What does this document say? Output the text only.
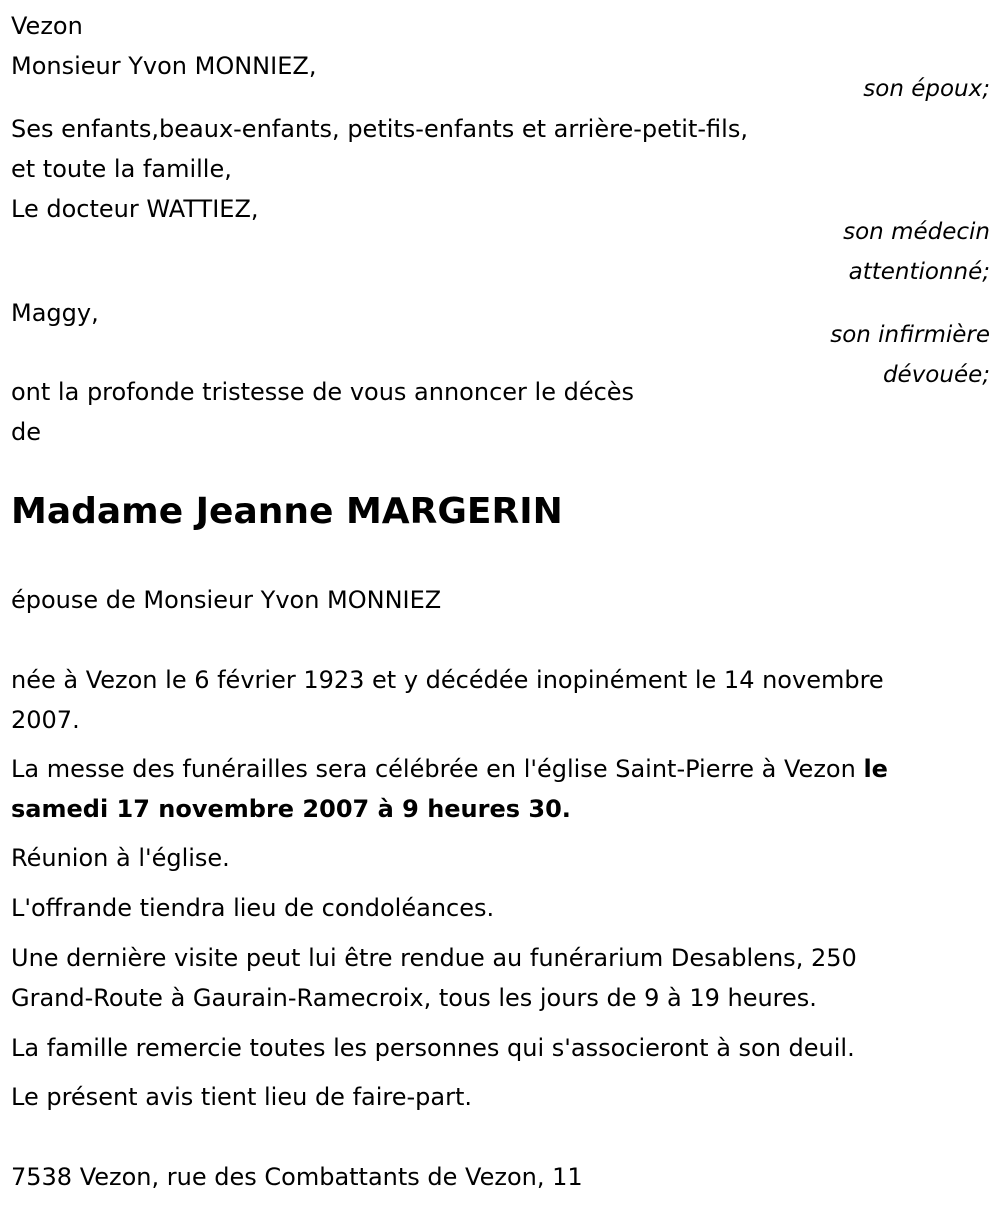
Vezon
Monsieur Yvon MONNIEZ,
son époux;
Ses enfants,beaux-enfants, petits-enfants et arrière-petit-fils,
et toute la famille,
Le docteur WATTIEZ,
son médecin
attentionné;
Maggy,
son infirmière
dévouée;
ont la profonde tristesse de vous annoncer le décès
de
Madame Jeanne MARGERIN
épouse de Monsieur Yvon MONNIEZ
née à Vezon le 6 février 1923 et y décédée inopinément le 14 novembre
2007.
La messe des funérailles sera célébrée en l'église Saint-Pierre à Vezon le
samedi 17 novembre 2007 à 9 heures 30.
Réunion à l'église.
L'offrande tiendra lieu de condoléances.
Une dernière visite peut lui être rendue au funérarium Desablens, 250
Grand-Route à Gaurain-Ramecroix, tous les jours de 9 à 19 heures.
La famille remercie toutes les personnes qui s'associeront à son deuil.
Le présent avis tient lieu de faire-part.
7538 Vezon, rue des Combattants de Vezon, 11
